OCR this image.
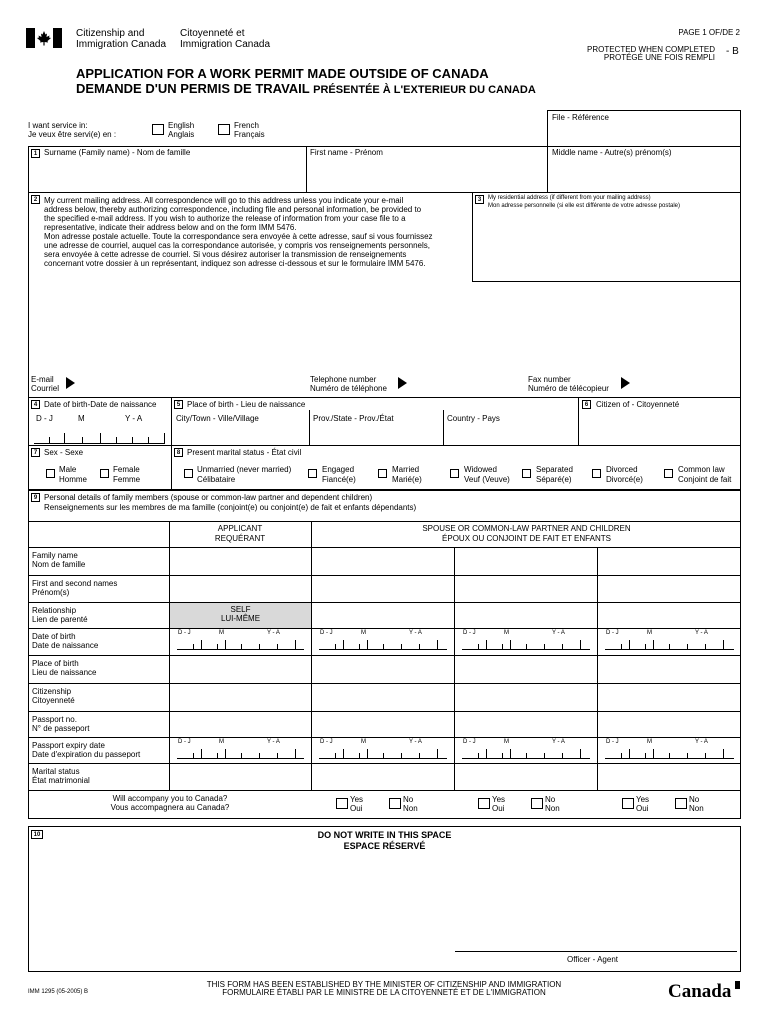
Citizenship and
Immigration Canada
Citoyenneté et
Immigration Canada
PAGE 1 OF/DE 2
PROTECTED WHEN COMPLETED
PROTÉGÉ UNE FOIS REMPLI
- B
APPLICATION FOR A WORK PERMIT MADE OUTSIDE OF CANADA
DEMANDE D'UN PERMIS DE TRAVAIL PRÉSENTÉE À L'EXTERIEUR DU CANADA
I want service in:
Je veux être servi(e) en :
English
Anglais
French
Français
File - Référence
1 Surname (Family name) - Nom de famille	First name - Prénom	Middle name - Autre(s) prénom(s)
2 My current mailing address. All correspondence will go to this address unless you indicate your e-mail
address below, thereby authorizing correspondence, including file and personal information, be provided to
the specified e-mail address. If you wish to authorize the release of information from your case file to a
representative, indicate their address below and on the form IMM 5476.
Mon adresse postale actuelle. Toute la correspondance sera envoyée à cette adresse, sauf si vous fournissez
une adresse de courriel, auquel cas la correspondance autorisée, y compris vos renseignements personnels,
sera envoyée à cette adresse de courriel. Si vous désirez autoriser la transmission de renseignements
concernant votre dossier à un représentant, indiquez son adresse ci-dessous et sur le formulaire IMM 5476.
3	My residential address (if different from your mailing address)
Mon adresse personnelle (si elle est différente de votre adresse postale)
E-mail
Courriel
Telephone number
Numéro de téléphone
Fax number
Numéro de télécopieur
4 Date of birth-Date de naissance
D - J	M	Y - A
5 Place of birth - Lieu de naissance
City/Town - Ville/Village	Prov./State - Prov./État	Country - Pays
6 Citizen of - Citoyenneté
7 Sex - Sexe
Male
Homme
Female
Femme
8 Present marital status - État civil
Unmarried (never married)
Célibataire
Engaged
Fiancé(e)
Married
Marié(e)
Widowed
Veuf (Veuve)
Separated
Séparé(e)
Divorced
Divorcé(e)
Common law
Conjoint de fait
9 Personal details of family members (spouse or common-law partner and dependent children)
Renseignements sur les membres de ma famille (conjoint(e) ou conjoint(e) de fait et enfants dépendants)
APPLICANT
REQUÉRANT
SPOUSE OR COMMON-LAW PARTNER AND CHILDREN
ÉPOUX OU CONJOINT DE FAIT ET ENFANTS
Family name
Nom de famille
First and second names
Prénom(s)
Relationship
Lien de parenté
SELF
LUI-MÊME
Date of birth
Date de naissance
D - J	M	Y - A	D - J	M	Y - A	D - J	M	Y - A	D - J	M	Y - A
Place of birth
Lieu de naissance
Citizenship
Citoyenneté
Passport no.
N° de passeport
Passport expiry date
Date d'expiration du passeport
D - J	M	Y - A	D - J	M	Y - A	D - J	M	Y - A	D - J	M	Y - A
Marital status
État matrimonial
Will accompany you to Canada?
Vous accompagnera au Canada?
Yes
Oui
No
Non
Yes
Oui
No
Non
Yes
Oui
No
Non
10	DO NOT WRITE IN THIS SPACE
ESPACE RÉSERVÉ
Officer - Agent
IMM 1295 (05-2005) B
THIS FORM HAS BEEN ESTABLISHED BY THE MINISTER OF CITIZENSHIP AND IMMIGRATION
FORMULAIRE ÉTABLI PAR LE MINISTRE DE LA CITOYENNETÉ ET DE L'IMMIGRATION	Canada
